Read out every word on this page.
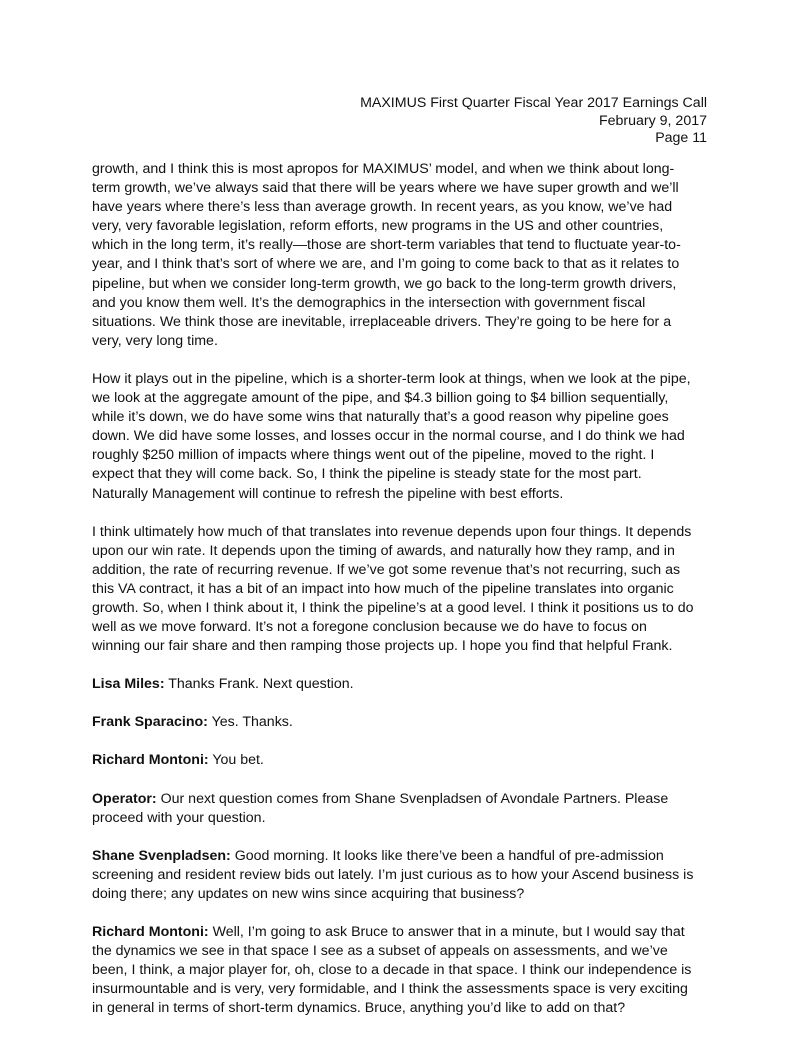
MAXIMUS First Quarter Fiscal Year 2017 Earnings Call
February 9, 2017
Page 11
growth, and I think this is most apropos for MAXIMUS’ model, and when we think about long-
term growth, we’ve always said that there will be years where we have super growth and we’ll
have years where there’s less than average growth. In recent years, as you know, we’ve had
very, very favorable legislation, reform efforts, new programs in the US and other countries,
which in the long term, it’s really—those are short-term variables that tend to fluctuate year-to-
year, and I think that’s sort of where we are, and I’m going to come back to that as it relates to
pipeline, but when we consider long-term growth, we go back to the long-term growth drivers,
and you know them well. It’s the demographics in the intersection with government fiscal
situations. We think those are inevitable, irreplaceable drivers. They’re going to be here for a
very, very long time.
How it plays out in the pipeline, which is a shorter-term look at things, when we look at the pipe,
we look at the aggregate amount of the pipe, and $4.3 billion going to $4 billion sequentially,
while it’s down, we do have some wins that naturally that’s a good reason why pipeline goes
down. We did have some losses, and losses occur in the normal course, and I do think we had
roughly $250 million of impacts where things went out of the pipeline, moved to the right. I
expect that they will come back. So, I think the pipeline is steady state for the most part.
Naturally Management will continue to refresh the pipeline with best efforts.
I think ultimately how much of that translates into revenue depends upon four things. It depends
upon our win rate. It depends upon the timing of awards, and naturally how they ramp, and in
addition, the rate of recurring revenue. If we’ve got some revenue that’s not recurring, such as
this VA contract, it has a bit of an impact into how much of the pipeline translates into organic
growth. So, when I think about it, I think the pipeline’s at a good level. I think it positions us to do
well as we move forward. It’s not a foregone conclusion because we do have to focus on
winning our fair share and then ramping those projects up. I hope you find that helpful Frank.
Lisa Miles: Thanks Frank. Next question.
Frank Sparacino: Yes. Thanks.
Richard Montoni: You bet.
Operator: Our next question comes from Shane Svenpladsen of Avondale Partners. Please
proceed with your question.
Shane Svenpladsen: Good morning. It looks like there’ve been a handful of pre-admission
screening and resident review bids out lately. I’m just curious as to how your Ascend business is
doing there; any updates on new wins since acquiring that business?
Richard Montoni: Well, I’m going to ask Bruce to answer that in a minute, but I would say that
the dynamics we see in that space I see as a subset of appeals on assessments, and we’ve
been, I think, a major player for, oh, close to a decade in that space. I think our independence is
insurmountable and is very, very formidable, and I think the assessments space is very exciting
in general in terms of short-term dynamics. Bruce, anything you’d like to add on that?
